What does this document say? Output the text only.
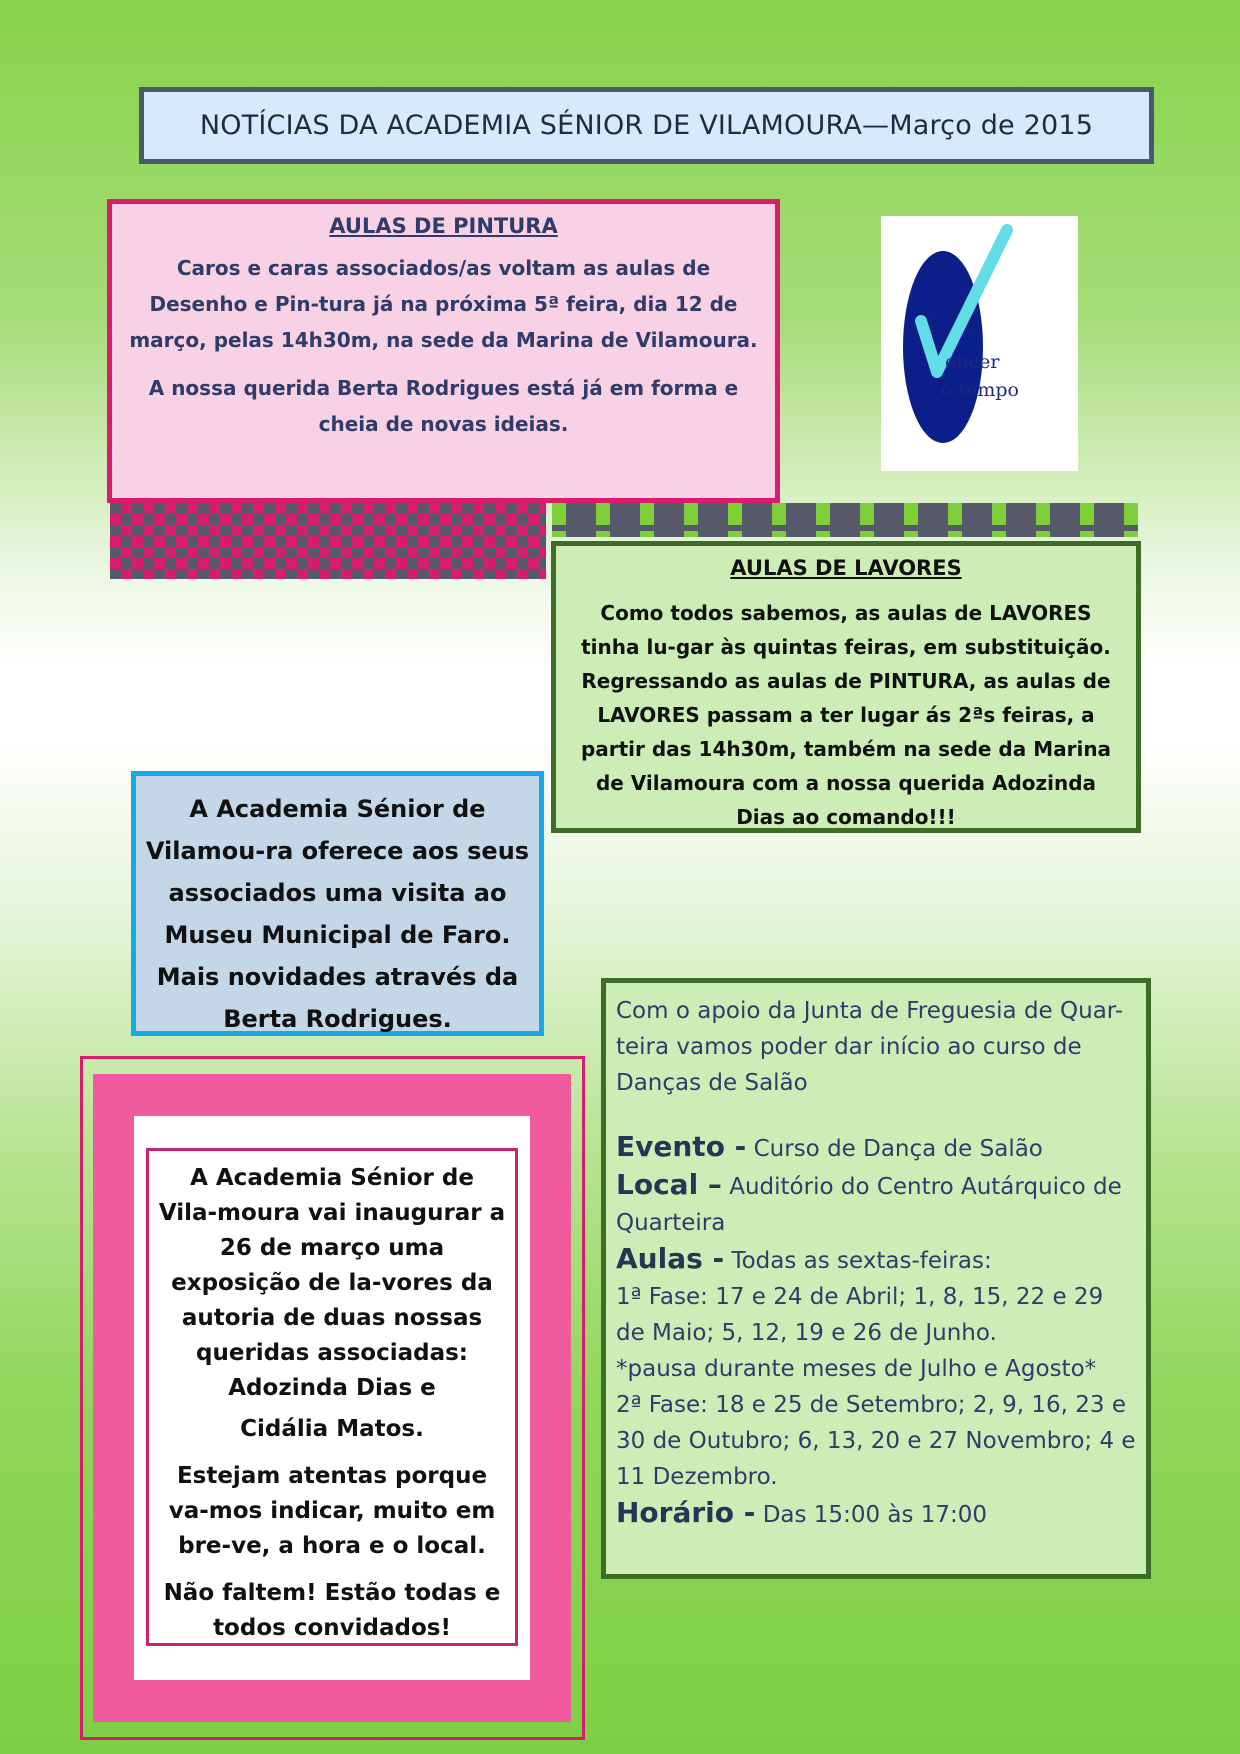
NOTÍCIAS DA ACADEMIA SÉNIOR DE VILAMOURA—Março de 2015
AULAS DE PINTURA

Caros e caras associados/as voltam as aulas de Desenho e Pin-tura já na próxima 5ª feira, dia 12 de março, pelas 14h30m, na sede da Marina de Vilamoura.

A nossa querida Berta Rodrigues está já em forma e cheia de novas ideias.

encer
o tempo
AULAS DE LAVORES

Como todos sabemos, as aulas de LAVORES tinha lu-gar às quintas feiras, em substituição. Regressando as aulas de PINTURA, as aulas de LAVORES passam a ter lugar ás 2ªs feiras, a partir das 14h30m, também na sede da Marina de Vilamoura com a nossa querida Adozinda Dias ao comando!!!

A Academia Sénior de Vilamou-ra oferece aos seus associados uma visita ao Museu Municipal de Faro. Mais novidades através da Berta Rodrigues.

A Academia Sénior de Vila-moura vai inaugurar a 26 de março uma exposição de la-vores da autoria de duas nossas queridas associadas: Adozinda Dias e

Cidália Matos.

Estejam atentas porque va-mos indicar, muito em bre-ve, a hora e o local.

Não faltem! Estão todas e todos convidados!

Com o apoio da Junta de Freguesia de Quar-teira vamos poder dar início ao curso de Danças de Salão

Evento - Curso de Dança de Salão

Local – Auditório do Centro Autárquico de Quarteira

Aulas - Todas as sextas-feiras:

1ª Fase: 17 e 24 de Abril; 1, 8, 15, 22 e 29 de Maio; 5, 12, 19 e 26 de Junho.

*pausa durante meses de Julho e Agosto*

2ª Fase: 18 e 25 de Setembro; 2, 9, 16, 23 e 30 de Outubro; 6, 13, 20 e 27 Novembro; 4 e 11 Dezembro.

Horário - Das 15:00 às 17:00
